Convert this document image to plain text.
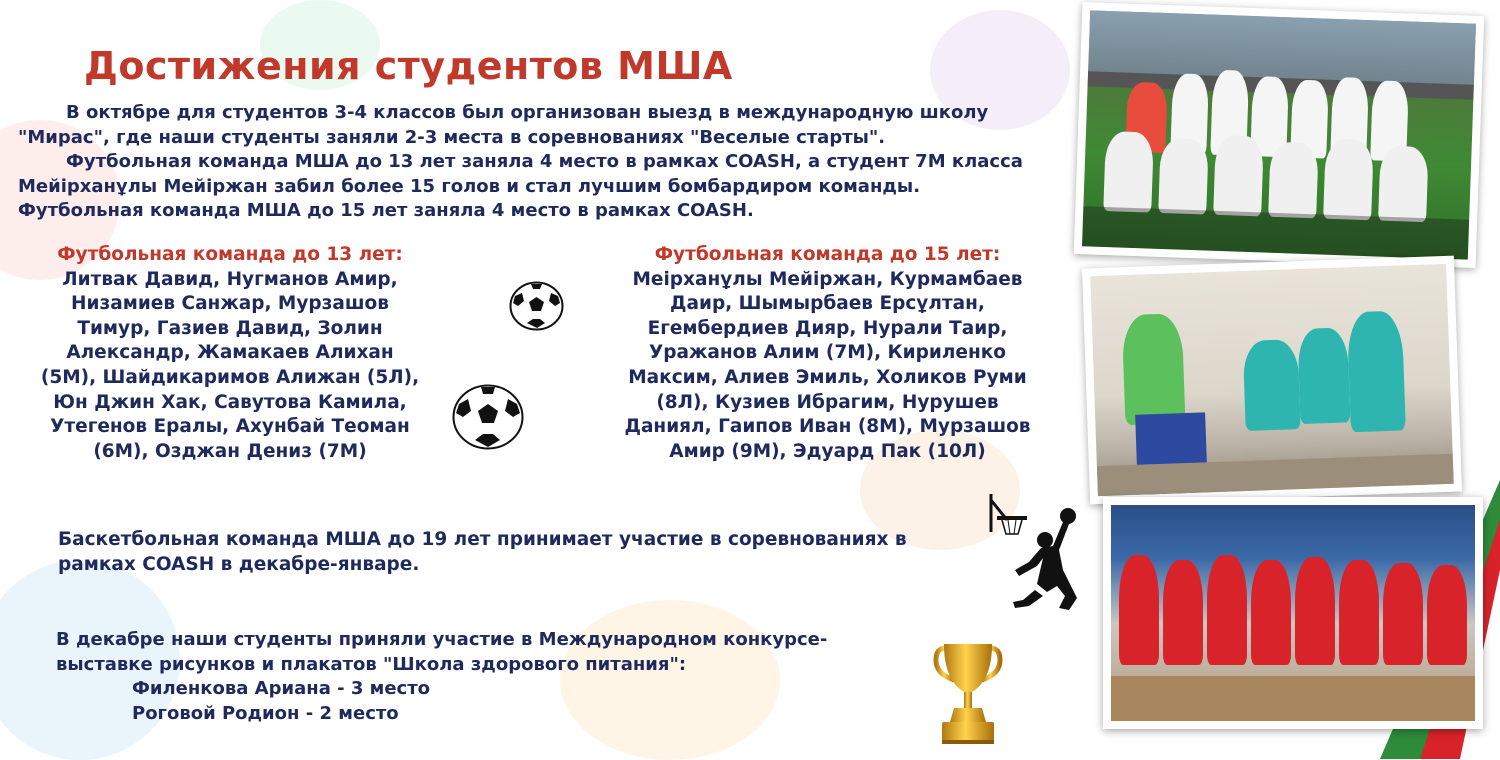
Достижения студентов МША
В октябре для студентов 3-4 классов был организован выезд в международную школу
"Мирас", где наши студенты заняли 2-3 места в соревнованиях "Веселые старты".
Футбольная команда МША до 13 лет заняла 4 место в рамках COASH, а студент 7М класса
Мейірханұлы Мейіржан забил более 15 голов и стал лучшим бомбардиром команды.
Футбольная команда МША до 15 лет заняла 4 место в рамках COASH.
Футбольная команда до 13 лет:
Литвак Давид, Нугманов Амир,
Низамиев Санжар, Мурзашов
Тимур, Газиев Давид, Золин
Александр, Жамакаев Алихан
(5М), Шайдикаримов Алижан (5Л),
Юн Джин Хак, Савутова Камила,
Утегенов Ералы, Ахунбай Теоман
(6М), Озджан Дениз (7М)
Футбольная команда до 15 лет:
Меірханұлы Мейіржан, Курмамбаев
Даир, Шымырбаев Ерсұлтан,
Егембердиев Дияр, Нурали Таир,
Уражанов Алим (7М), Кириленко
Максим, Алиев Эмиль, Холиков Руми
(8Л), Кузиев Ибрагим, Нурушев
Даниял, Гаипов Иван (8М), Мурзашов
Амир (9М), Эдуард Пак (10Л)
Баскетбольная команда МША до 19 лет принимает участие в соревнованиях в
рамках COASH в декабре-январе.
В декабре наши студенты приняли участие в Международном конкурсе-
выставке рисунков и плакатов "Школа здорового питания":
Филенкова Ариана - 3 место
Роговой Родион - 2 место
